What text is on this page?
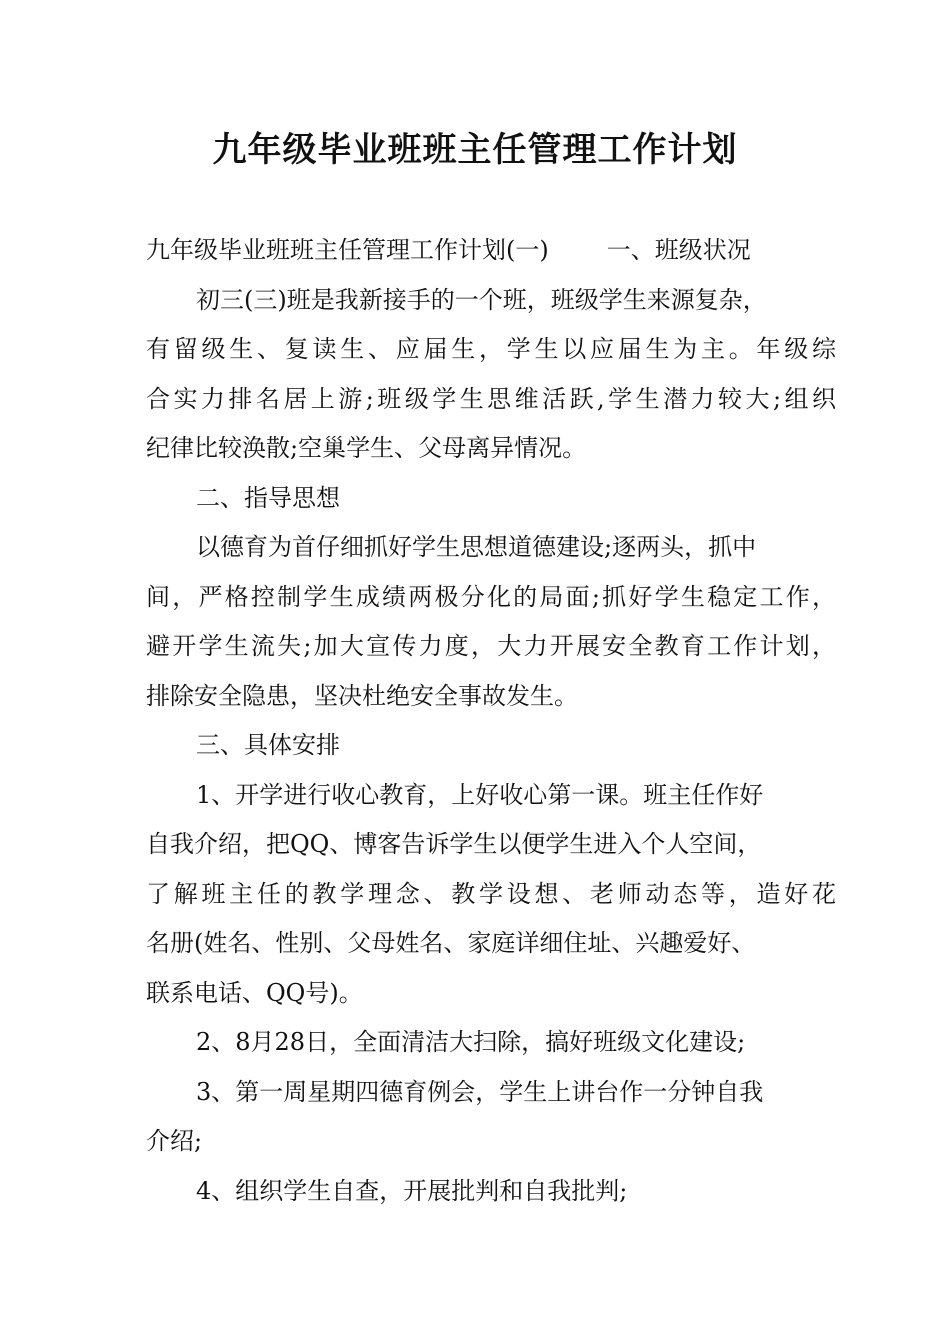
九年级毕业班班主任管理工作计划

九年级毕业班班主任管理工作计划(一) 一、班级状况

初三(三)班是我新接手的一个班，班级学生来源复杂，

有留级生、复读生、应届生，学生以应届生为主。年级综

合实力排名居上游;班级学生思维活跃,学生潜力较大;组织

纪律比较涣散;空巢学生、父母离异情况。

二、指导思想

以德育为首仔细抓好学生思想道德建设;逐两头，抓中

间，严格控制学生成绩两极分化的局面;抓好学生稳定工作，

避开学生流失;加大宣传力度，大力开展安全教育工作计划，

排除安全隐患，坚决杜绝安全事故发生。

三、具体安排

1、开学进行收心教育，上好收心第一课。班主任作好

自我介绍，把QQ、博客告诉学生以便学生进入个人空间，

了解班主任的教学理念、教学设想、老师动态等，造好花

名册(姓名、性别、父母姓名、家庭详细住址、兴趣爱好、

联系电话、QQ号)。

2、8月28日，全面清洁大扫除，搞好班级文化建设;

3、第一周星期四德育例会，学生上讲台作一分钟自我

介绍;

4、组织学生自查，开展批判和自我批判;
